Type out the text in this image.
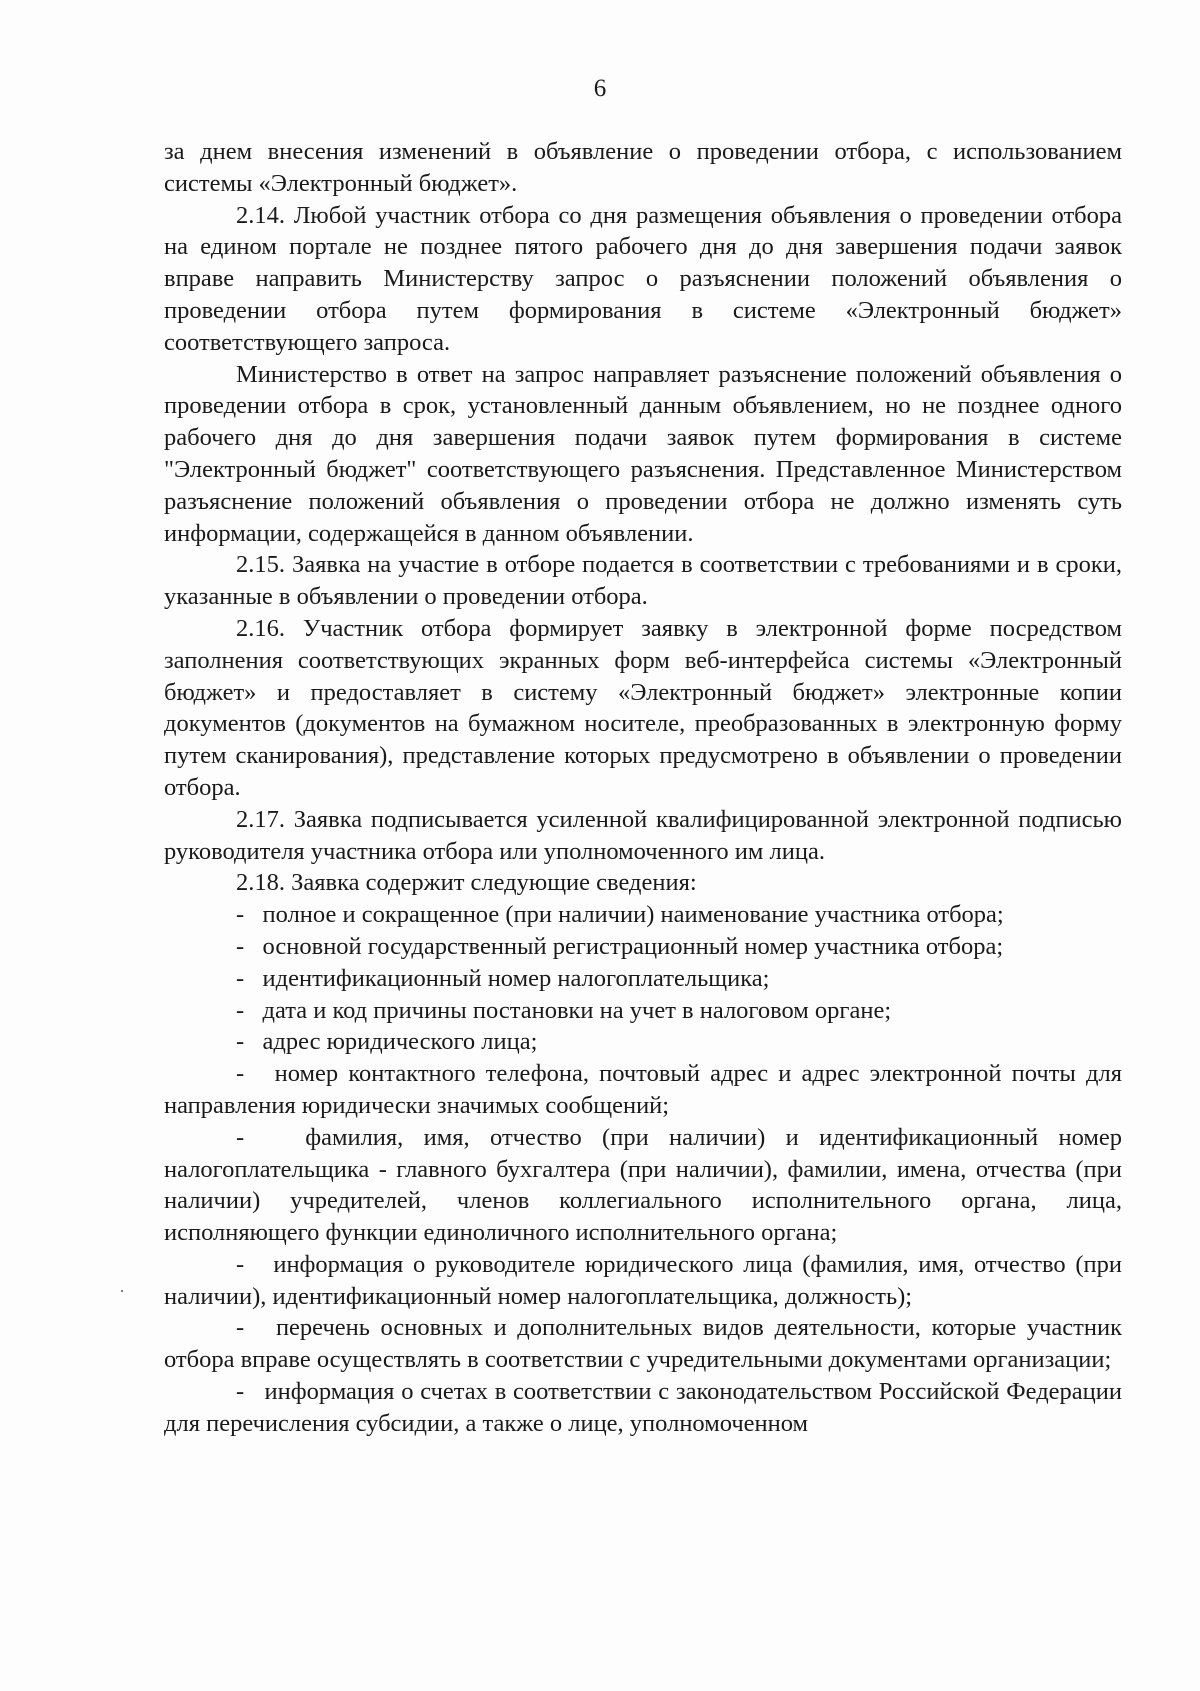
6

за днем внесения изменений в объявление о проведении отбора, с использованием системы «Электронный бюджет».

2.14. Любой участник отбора со дня размещения объявления о проведении отбора на едином портале не позднее пятого рабочего дня до дня завершения подачи заявок вправе направить Министерству запрос о разъяснении положений объявления о проведении отбора путем формирования в системе «Электронный бюджет» соответствующего запроса.

Министерство в ответ на запрос направляет разъяснение положений объявления о проведении отбора в срок, установленный данным объявлением, но не позднее одного рабочего дня до дня завершения подачи заявок путем формирования в системе "Электронный бюджет" соответствующего разъяснения. Представленное Министерством разъяснение положений объявления о проведении отбора не должно изменять суть информации, содержащейся в данном объявлении.

2.15. Заявка на участие в отборе подается в соответствии с требованиями и в сроки, указанные в объявлении о проведении отбора.

2.16. Участник отбора формирует заявку в электронной форме посредством заполнения соответствующих экранных форм веб-интерфейса системы «Электронный бюджет» и предоставляет в систему «Электронный бюджет» электронные копии документов (документов на бумажном носителе, преобразованных в электронную форму путем сканирования), представление которых предусмотрено в объявлении о проведении отбора.

2.17. Заявка подписывается усиленной квалифицированной электронной подписью руководителя участника отбора или уполномоченного им лица.

2.18. Заявка содержит следующие сведения:

-   полное и сокращенное (при наличии) наименование участника отбора;

-   основной государственный регистрационный номер участника отбора;

-   идентификационный номер налогоплательщика;

-   дата и код причины постановки на учет в налоговом органе;

-   адрес юридического лица;

-   номер контактного телефона, почтовый адрес и адрес электронной почты для направления юридически значимых сообщений;

-   фамилия, имя, отчество (при наличии) и идентификационный номер налогоплательщика - главного бухгалтера (при наличии), фамилии, имена, отчества (при наличии) учредителей, членов коллегиального исполнительного органа, лица, исполняющего функции единоличного исполнительного органа;

-   информация о руководителе юридического лица (фамилия, имя, отчество (при наличии), идентификационный номер налогоплательщика, должность);

-   перечень основных и дополнительных видов деятельности, которые участник отбора вправе осуществлять в соответствии с учредительными документами организации;

-   информация о счетах в соответствии с законодательством Российской Федерации для перечисления субсидии, а также о лице, уполномоченном
